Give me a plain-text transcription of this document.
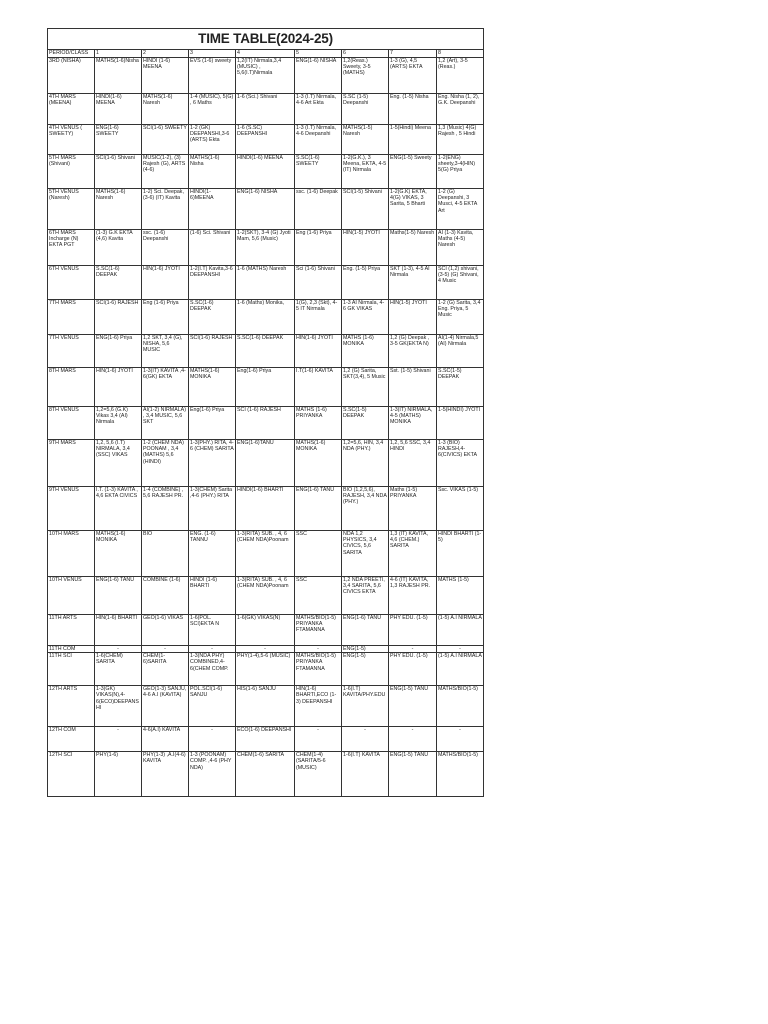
TIME TABLE(2024-25)								
PERIOD/CLASS	1	2	3	4	5	6	7	8
3RD (NISHA)	MATHS(1-6)Nisha	HINDI (1-6) MEENA	EVS (1-6) sweety	1,2(IT) Nirmala,3,4 (MUSIC) , 5,6(I.T)Nirmala	ENG(1-6) NISHA	1,2(Reas.) Sweety, 3-5 (MATHS)	1-3 (G), 4,5 (ARTS) EKTA	1,2 (Art), 3-5 (Reas.)
4TH MARS (MEENA)	HINDI(1-6) MEENA	MATHS(1-6) Naresh	1-4 (MUSIC), 5(G) , 6 Maths	1-6 (Sci.) Shivani	1-3 (I.T) Nirmala, 4-6 Art Ekta	S.SC (1-5) Deepanshi	Eng. (1-5) Nisha	Eng. Nisha (1, 2), G.K. Deepanshi
4TH VENUS ( SWEETY)	ENG(1-6) SWEETY	SCI(1-6) SWEETY	1-2 (GK) DEEPANSHI,3-6 (ARTS) Ekta	1-6 (S.SC) DEEPANSHI	1-3 (I.T) Nirmala, 4-6 Deepanshi	MATHS(1-5) Naresh	1-5(Hindi) Meena	1,3 (Music) 4(G) Rajesh , 5 Hindi
5TH MARS (Shivani)	SCI(1-6) Shivani	MUSIC(1-2), (3) Rajesh (G), ARTS (4-6)	MATHS(1-6) Nisha	HINDI(1-6) MEENA	S.SC(1-6) SWEETY	1-2(G.K.), 3 Meena, EKTA, 4-5 (IT) Nirmala	ENG(1-5) Sweety	1-2(ENG) sheety,3-4(HIN) 5(G) Priya
5TH VENUS (Naresh)	MATHS(1-6) Naresh	1-2) Sci. Deepak, (3-6) (IT) Kavita	HINDI(1-6)MEENA	ENG(1-6) NISHA	ssc. (1-6) Deepak	SCI(1-5) Shivani	1-2(G.K) EKTA, 4(G) VIKAS, 3 Sarita, 5 Bharti	1-2 (G) Deepanshi, 3 Musci, 4-5 EKTA Art
6TH MARS Incharge (N) EKTA PGT	(1-3) G.K EKTA (4,6) Kavita	ssc. (1-6) Deepanshi	(1-6) Sci. Shivani	1-2(SKT), 3-4 (G) Jyoti Mam, 5,6 (Music)	Eng (1-6) Priya	HIN(1-5) JYOTI	Maths(1-5) Naresh	AI (1-3) Kavita, Maths (4-5) Naresh
6TH VENUS	S.SC(1-6) DEEPAK	HIN(1-6) JYOTI	1-2(I.T) Kavita,3-6 DEEPANSHI	1-6 (MATHS) Naresh	Sci (1-6) Shivani	Eng. (1-5) Priya	SKT (1-3), 4-5 AI Nirmala	SCI (1,2) shivani, (3-5) (G) Shivani, 4 Music
7TH MARS	SCI(1-6) RAJESH	Eng (1-6) Priya	S.SC(1-6) DEEPAK	1-6 (Maths) Monika,	1(G), 2,3 (Skt), 4-5 IT Nirmala	1-3 AI Nirmala, 4-6 GK VIKAS	HIN(1-5) JYOTI	1-2 (G) Sarita, 3,4 Eng. Priya, 5 Music
7TH VENUS	ENG(1-6) Priya	1,2 SKT, 3,4 (G), NISHA, 5,6 MUSIC	SCI(1-6) RAJESH	S.SC(1-6) DEEPAK	HIN(1-6) JYOTI	MATHS (1-6) MONIKA	1,2 (G) Deepak , 3-5 GK(EKTA N)	AI(1-4) Nirmala,5 (AI) Nirmala
8TH MARS	HIN(1-6) JYOTI	1-3(IT) KAVITA ,4-6(GK) EKTA	MATHS(1-6) MONIKA	Eng(1-6) Priya	I.T(1-6) KAVITA	1,2 (G) Sarita, SKT(3,4), 5 Music	Sst. (1-5) Shivani	S.SC(1-5) DEEPAK
8TH VENUS	1,2=5,6 (G.K) Vikas 3,4 (AI) Nirmala	AI(1-2) NIRMALA) , 3,4 MUSIC, 5,6 SKT	Eng(1-6) Priya	SCI (1-6) RAJESH	MATHS (1-6) PRIYANKA	S.SC(1-5) DEEPAK	1-3(IT) NIRMALA, 4-5 (MATHS) MONIKA	1-5(HINDI) JYOTI
9TH MARS	1,2, 5,6 (I.T) NIRMALA, 3,4 (SSC) VIKAS	1-2 (CHEM NDA) POONAM , 3,4 (MATHS) 5,6 (HINDI)	1-3(PHY.) RITA, 4-6 (CHEM) SARITA	ENG(1-6)TANU	MATHS(1-6) MONIKA	1,2=5,6, HIN, 3,4 NDA (PHY.)	1,2, 5,6 SSC, 3,4 HINDI	1-3 (BIO) RAJESH,4-6(CIVICS) EKTA
9TH VENUS	I.T. (1-3) KAVITA , 4,6 EKTA CIVICS	1-4 (COMBINE) , 5,6 RAJESH PR.	1-3(CHEM) Sarita ,4-6 (PHY.) RITA	HINDI(1-6) BHARTI	ENG(1-6) TANU	BIO (1,2,5,6), RAJESH, 3,4 NDA (PHY.)	Maths (1-5) PRIYANKA	Ssc. VIKAS (1-5)
10TH MARS	MATHS(1-6) MONIKA	BIO	ENG. (1-6) TANNU	1-3(RITA) SUB. , 4, 6 (CHEM NDA)Poonam	SSC	NDA 1,2 PHYSICS, 3,4 CIVICS, 5,6 SARITA	1,3 (IT) KAVITA, 4,6 (CHEM.) SARITA	HINDI BHARTI (1-5)
10TH VENUS	ENG(1-6) TANU	COMBINE (1-6)	HINDI (1-6) BHARTI	1-3(RITA) SUB. , 4, 6 (CHEM NDA)Poonam	SSC	1,2 NDA PREETI, 3,4 SARITA, 5,6 CIVICS EKTA	4-6 (IT) KAVITA, 1,3 RAJESH PR.	MATHS (1-5)
11TH ARTS	HIN(1-6) BHARTI	GEO(1-6) VIKAS	1-6(POL. SCI)EKTA N	1-6(GK) VIKAS(N)	MATHS/BIO(1-5) PRIYANKA FTAMANNA	ENG(1-6) TANU	PHY EDU. (1-5)	(1-5) A.I NIRMALA
11TH COM	-	-	-	-	-	ENG(1-5)	-	-
11TH SCI	1-6(CHEM) SARITA	CHEM(1-6)SARITA	1-3(NDA PHY) COMBINED,4-6(CHEM COMP.	PHY(1-4),5-6 (MUSIC)	MATHS/BIO(1-5) PRIYANKA FTAMANNA	ENG(1-5)	PHY EDU. (1-5)	(1-5) A.I NIRMALA
12TH ARTS	1-3(GK) VIKAS(N),4-6(ECO)DEEPANSHI	GEO(1-3) SANJU, 4-6 A.I (KAVITA)	POL.SCI(1-6) SANJU	HIS(1-6) SANJU	HIN(1-6) BHARTI,ECO (1-3) DEEPANSHI	1-6(I.T) KAVITA/PHY.EDU	ENG(1-5) TANU	MATHS/BIO(1-5)
12TH COM	-	4-6(A.I) KAVITA	-	ECO(1-6) DEEPANSHI	-	-	-	-
12TH SCI	PHY(1-6)	PHY(1-3) ,A.I(4-6) KAVITA	1-3 (POONAM) COMP. ,4-6 (PHY NDA)	CHEM(1-6) SARITA	CHEM(1-4)(SARITA/5-6 (MUSIC)	1-6(I.T) KAVITA	ENG(1-5) TANU	MATHS/BIO(1-5)
